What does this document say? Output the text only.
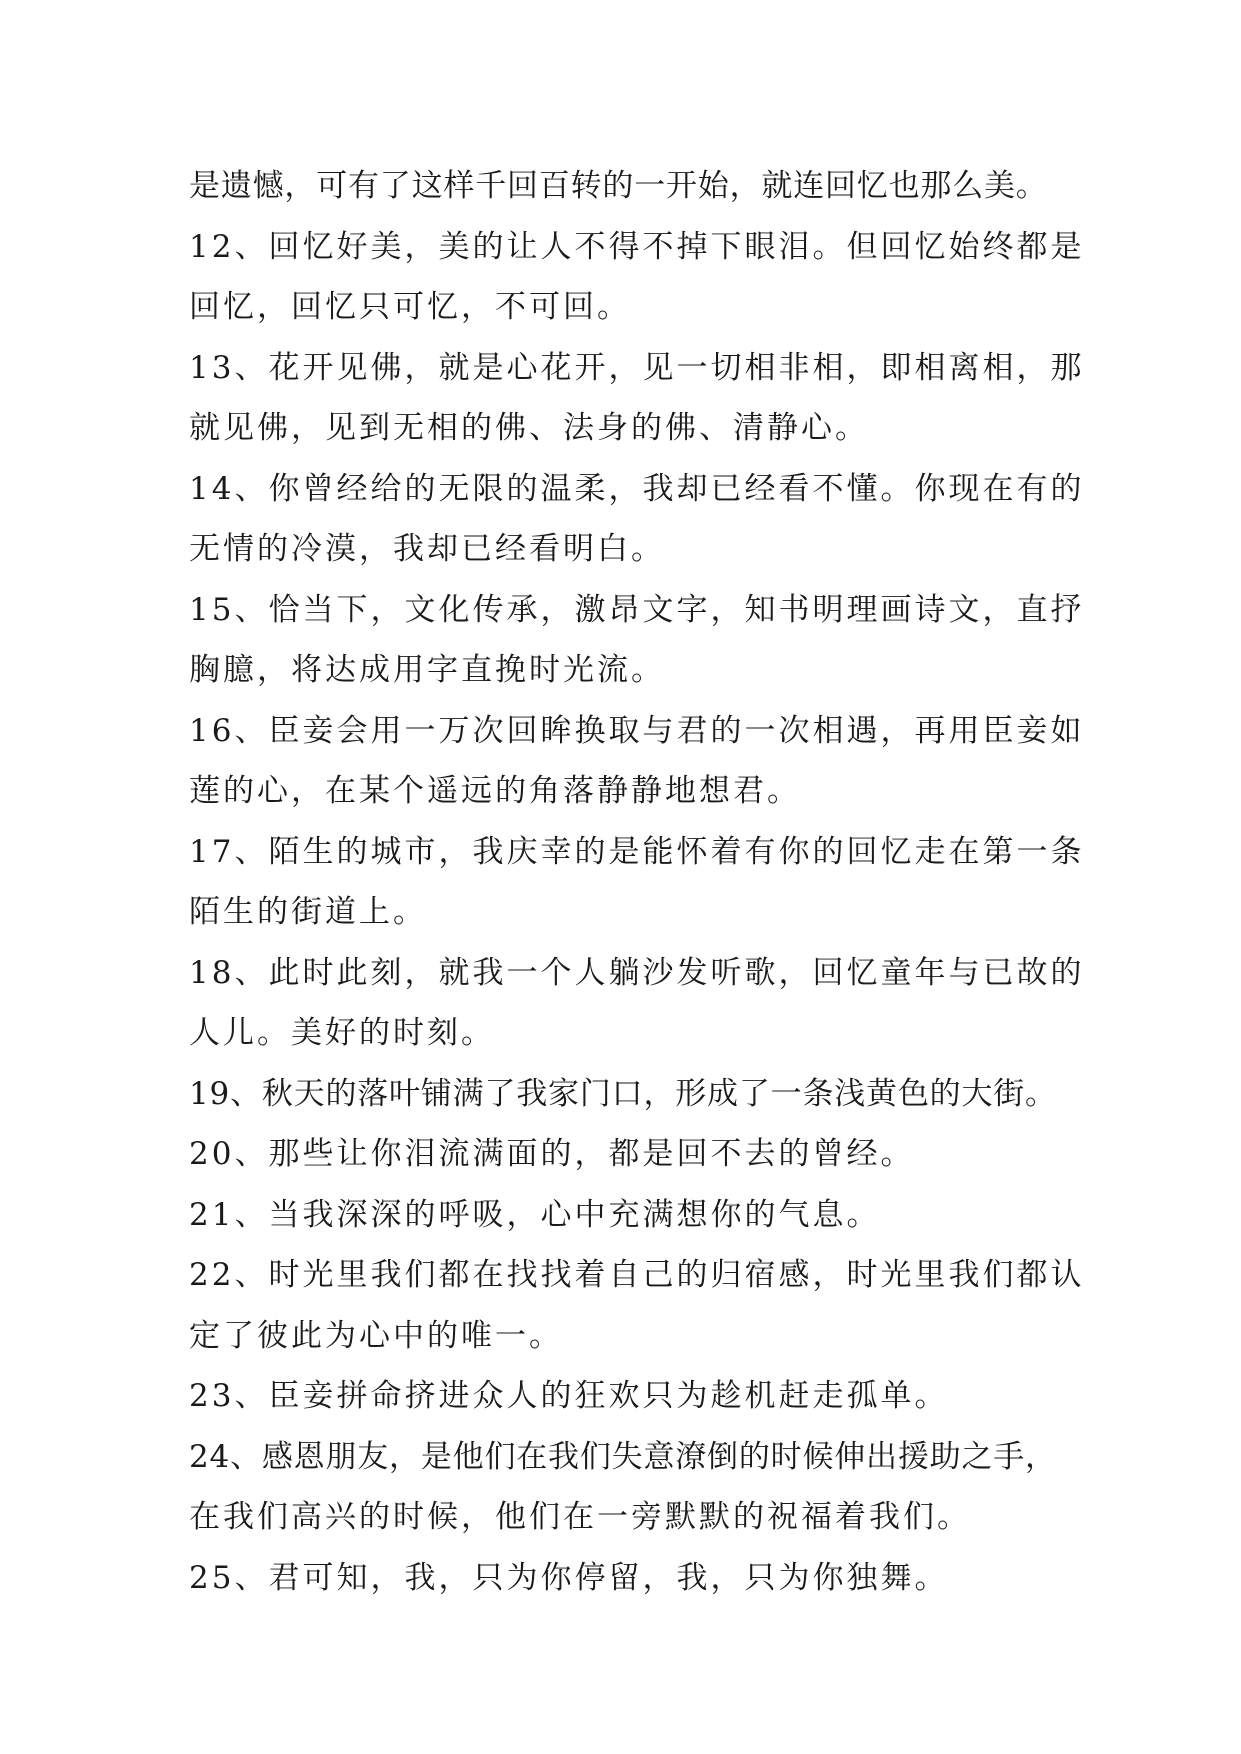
是遗憾，可有了这样千回百转的一开始，就连回忆也那么美。
12、回忆好美，美的让人不得不掉下眼泪。但回忆始终都是
回忆，回忆只可忆，不可回。
13、花开见佛，就是心花开，见一切相非相，即相离相，那
就见佛，见到无相的佛、法身的佛、清静心。
14、你曾经给的无限的温柔，我却已经看不懂。你现在有的
无情的冷漠，我却已经看明白。
15、恰当下，文化传承，激昂文字，知书明理画诗文，直抒
胸臆，将达成用字直挽时光流。
16、臣妾会用一万次回眸换取与君的一次相遇，再用臣妾如
莲的心，在某个遥远的角落静静地想君。
17、陌生的城市，我庆幸的是能怀着有你的回忆走在第一条
陌生的街道上。
18、此时此刻，就我一个人躺沙发听歌，回忆童年与已故的
人儿。美好的时刻。
19、秋天的落叶铺满了我家门口，形成了一条浅黄色的大街。
20、那些让你泪流满面的，都是回不去的曾经。
21、当我深深的呼吸，心中充满想你的气息。
22、时光里我们都在找找着自己的归宿感，时光里我们都认
定了彼此为心中的唯一。
23、臣妾拼命挤进众人的狂欢只为趁机赶走孤单。
24、感恩朋友，是他们在我们失意潦倒的时候伸出援助之手，
在我们高兴的时候，他们在一旁默默的祝福着我们。
25、君可知，我，只为你停留，我，只为你独舞。
